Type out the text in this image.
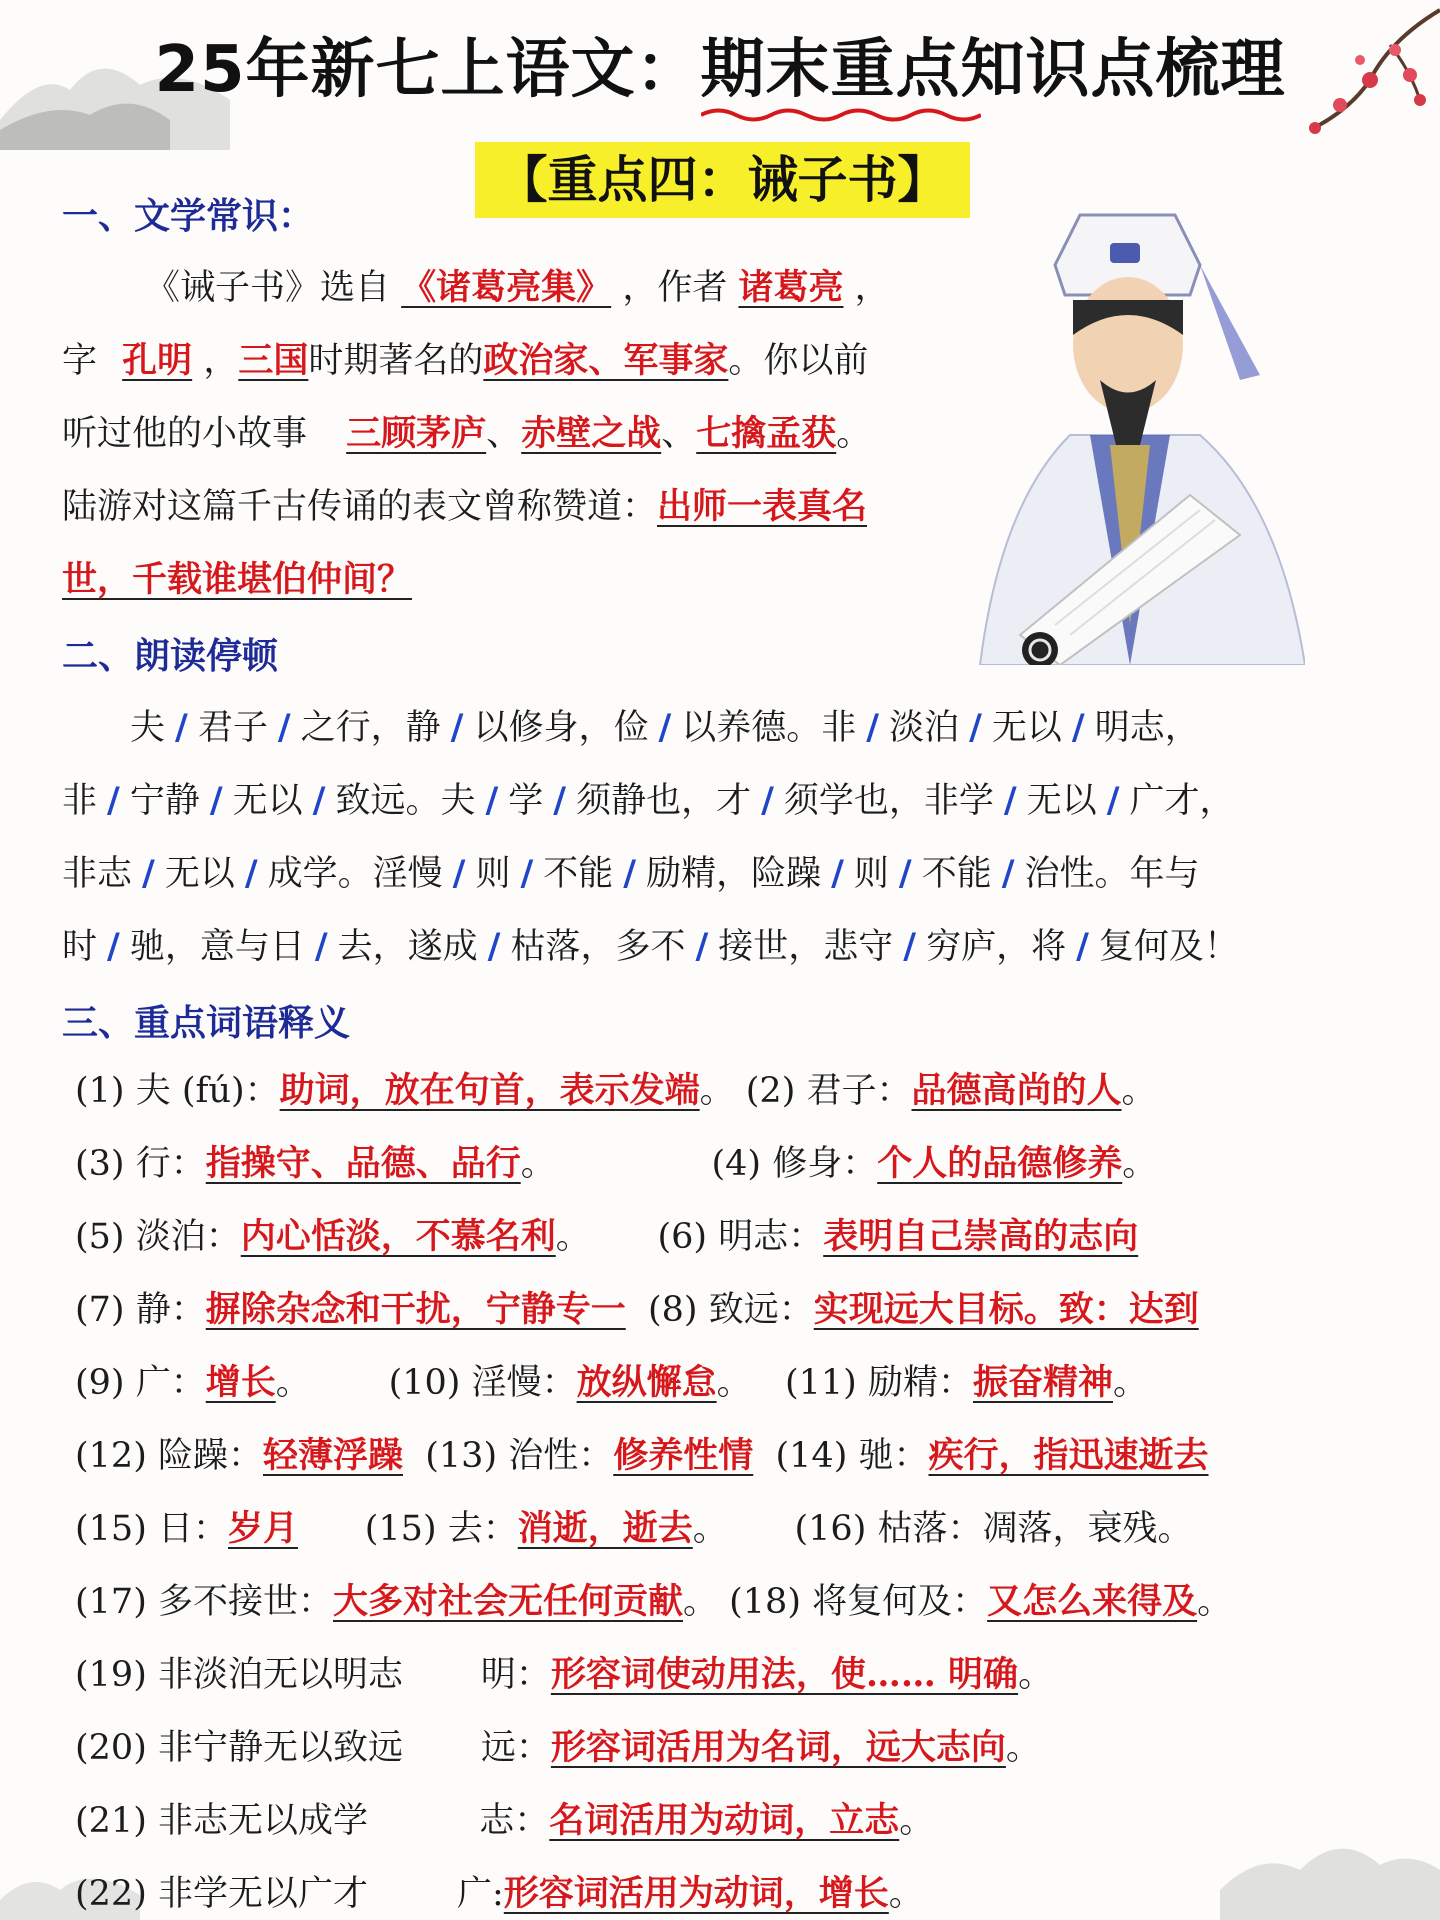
25年新七上语文：期末重点
知识点梳理
【重点四：诫子书】
一、文学常识：
《诫子书》选自 《诸葛亮集》 ，作者 诸葛亮 ，
字 孔明 ，三国时期著名的政治家、军事家。你以前
听过他的小故事 三顾茅庐、赤壁之战、七擒孟获。
陆游对这篇千古传诵的表文曾称赞道：出师一表真名
世，千载谁堪伯仲间？
二、朗读停顿
夫 / 君子 / 之行，静 / 以修身，俭 / 以养德。非 / 淡泊 / 无以 / 明志，
非 / 宁静 / 无以 / 致远。夫 / 学 / 须静也，才 / 须学也，非学 / 无以 / 广才，
非志 / 无以 / 成学。淫慢 / 则 / 不能 / 励精，险躁 / 则 / 不能 / 治性。年与
时 / 驰，意与日 / 去，遂成 / 枯落，多不 / 接世，悲守 / 穷庐，将 / 复何及！
三、重点词语释义
(1) 夫 (fú)：助词，放在句首，表示发端。 (2) 君子：品德高尚的人。
(3) 行：指操守、品德、品行。              (4) 修身：个人的品德修养。
(5) 淡泊：内心恬淡，不慕名利。      (6) 明志：表明自己崇高的志向
(7) 静：摒除杂念和干扰，宁静专一  (8) 致远：实现远大目标。致：达到
(9) 广：增长。       (10) 淫慢：放纵懈怠。   (11) 励精：振奋精神。
(12) 险躁：轻薄浮躁  (13) 治性：修养性情  (14) 驰：疾行，指迅速逝去
(15) 日：岁月      (15) 去：消逝，逝去。      (16) 枯落：凋落，衰残。
(17) 多不接世：大多对社会无任何贡献。 (18) 将复何及：又怎么来得及。
(19) 非淡泊无以明志       明：形容词使动用法，使…… 明确。
(20) 非宁静无以致远       远：形容词活用为名词，远大志向。
(21) 非志无以成学          志：名词活用为动词，立志。
(22) 非学无以广才        广:形容词活用为动词，增长。
